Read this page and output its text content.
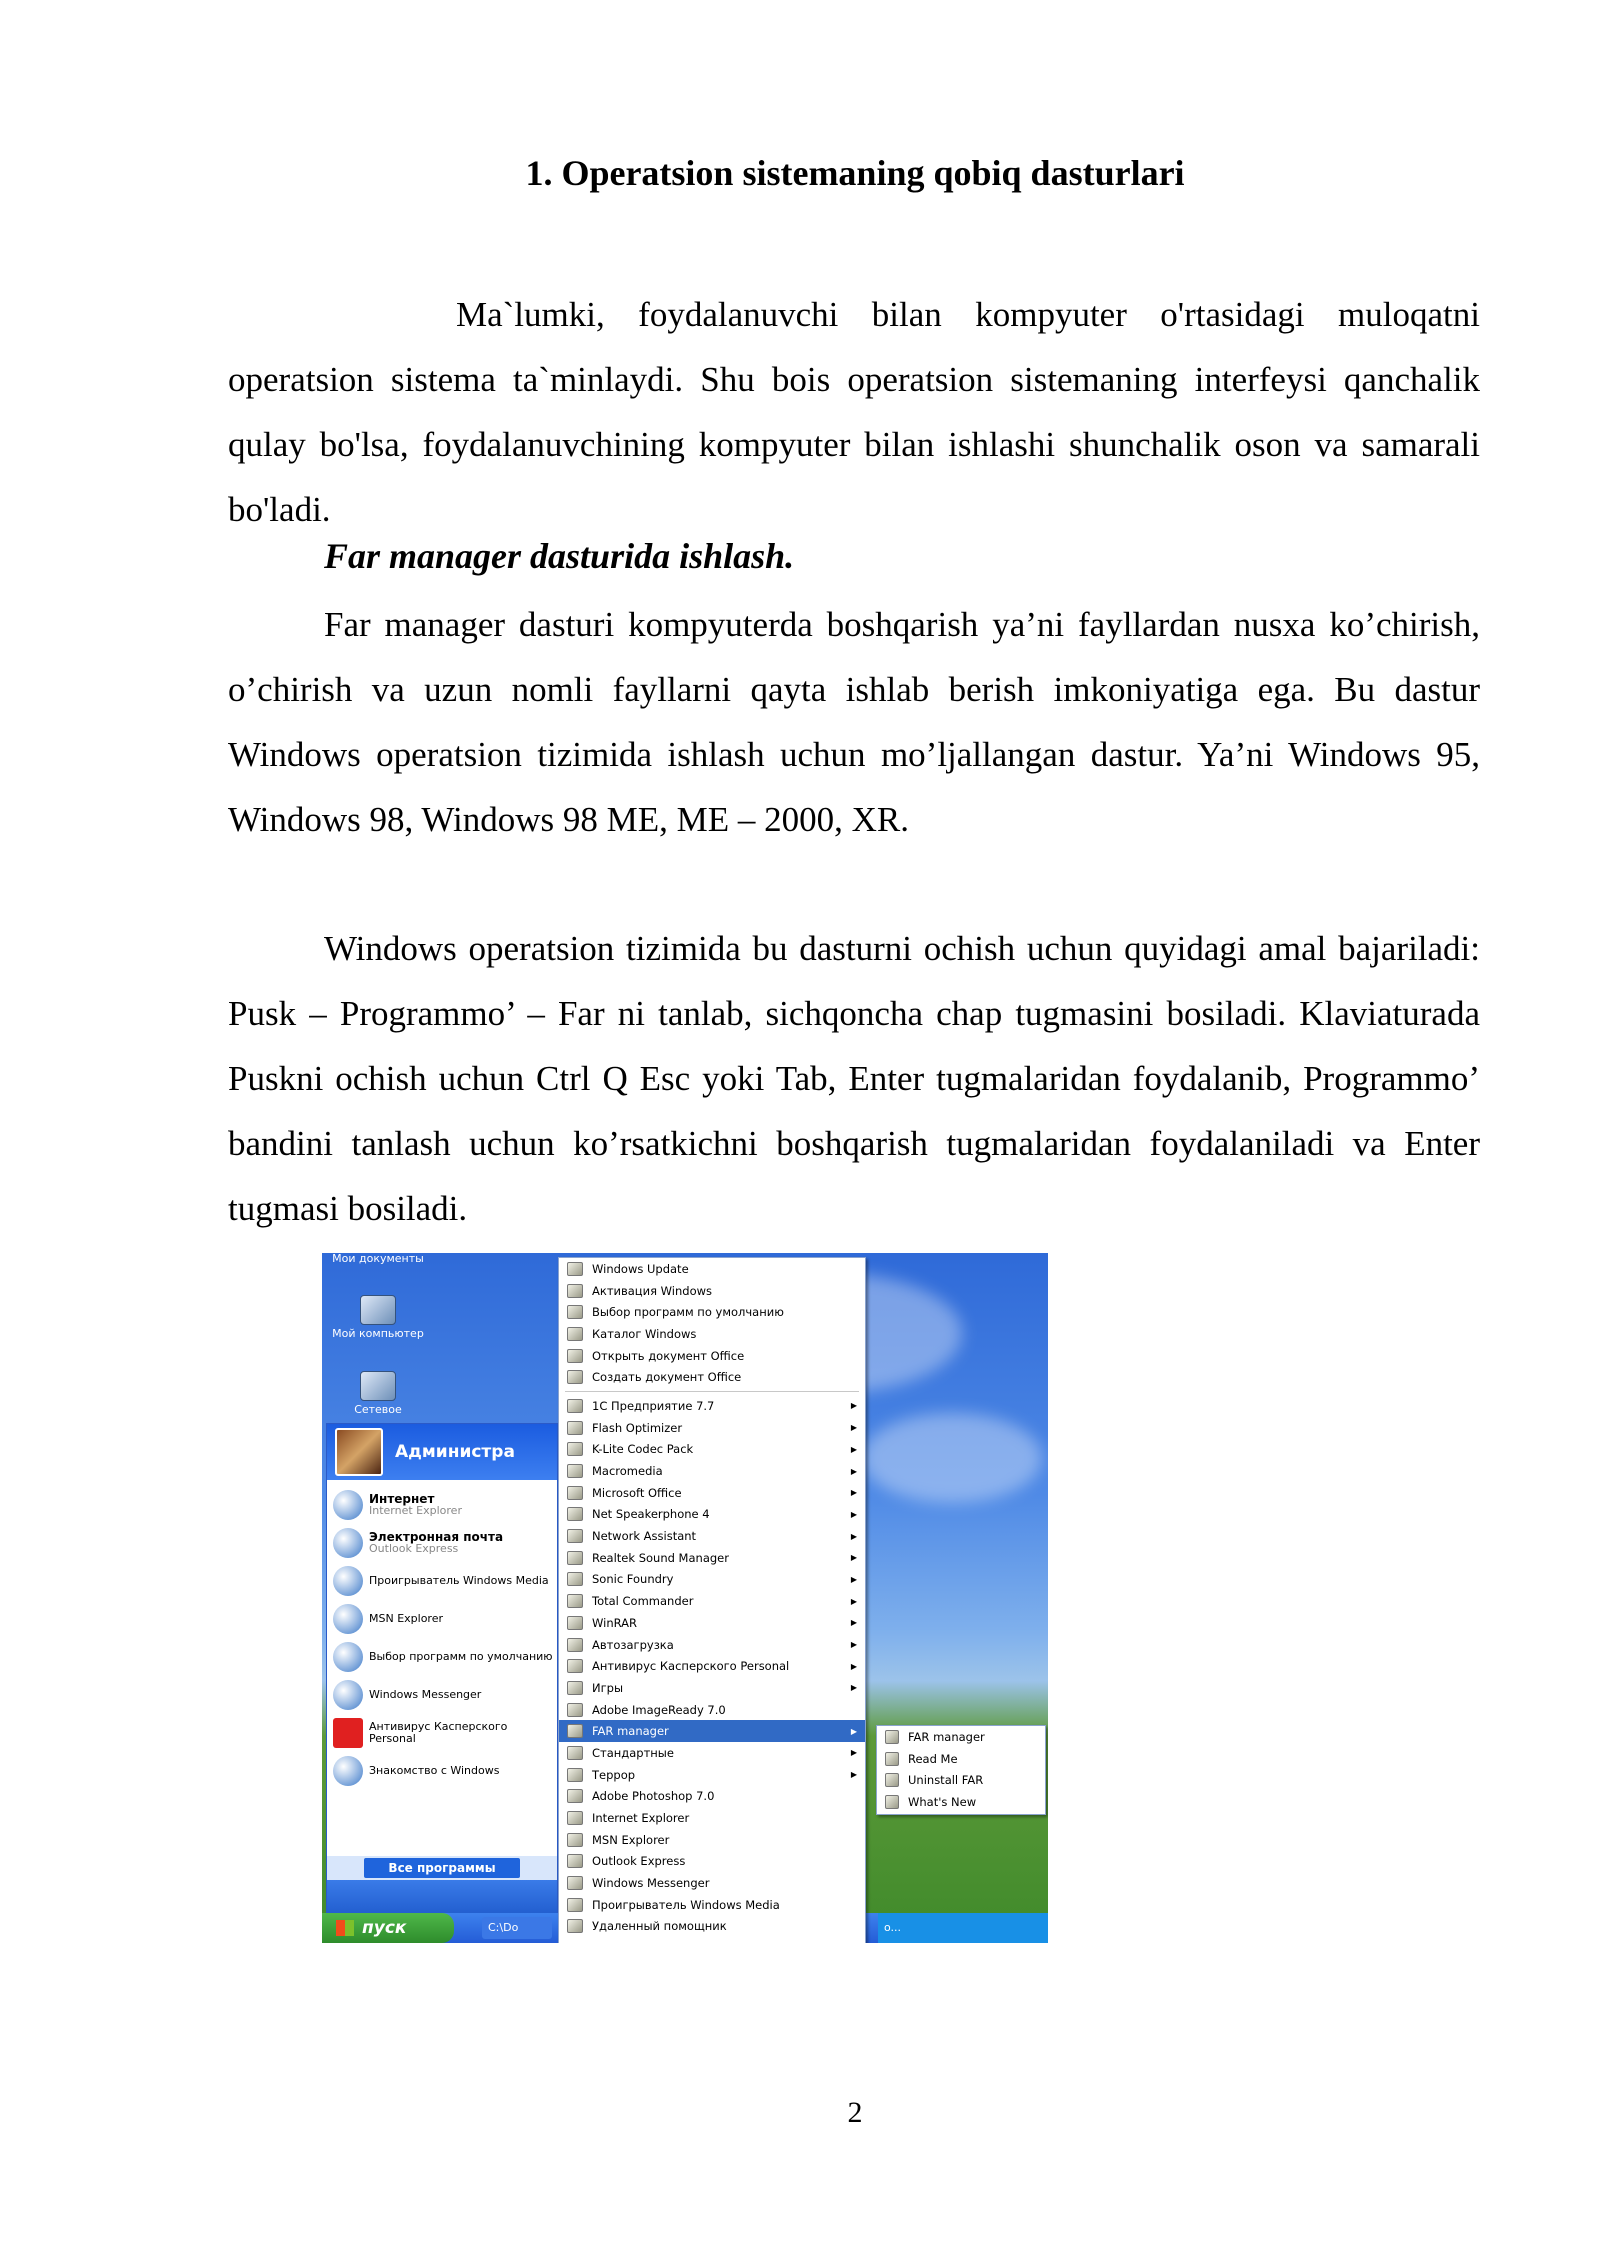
1. Operatsion sistemaning qobiq dasturlari

Ma`lumki, foydalanuvchi bilan kompyuter o'rtasidagi muloqatni operatsion sistema ta`minlaydi. Shu bois operatsion sistemaning interfeysi qanchalik qulay bo'lsa, foydalanuvchining kompyuter bilan ishlashi shunchalik oson va samarali bo'ladi.

Far manager dasturida ishlash.

Far manager dasturi kompyuterda boshqarish ya’ni fayllardan nusxa ko’chirish, o’chirish va uzun nomli fayllarni qayta ishlab berish imkoniyatiga ega. Bu dastur Windows operatsion tizimida ishlash uchun mo’ljallangan dastur. Ya’ni Windows 95, Windows 98, Windows 98 ME, ME – 2000, XR.

Windows operatsion tizimida bu dasturni ochish uchun quyidagi amal bajariladi: Pusk – Programmo’ – Far ni tanlab, sichqoncha chap tugmasini bosiladi. Klaviaturada Puskni ochish uchun Ctrl Q Esc yoki Tab, Enter tugmalaridan foydalanib, Programmo’ bandini tanlash uchun ko’rsatkichni boshqarish tugmalaridan foydalaniladi va Enter tugmasi bosiladi.

Мои документы
Мой компьютер
Сетевое
Администра
Интернет
Internet Explorer
Электронная почта
Outlook Express
Проигрыватель Windows Media
MSN Explorer
Выбор программ по умолчанию
Windows Messenger
Антивирус Касперского Personal
Знакомство с Windows
Все программы
пуск	C:\Do	o...
Windows Update
Активация Windows
Выбор программ по умолчанию
Каталог Windows
Открыть документ Office
Создать документ Office
1С Предприятие 7.7	▶
Flash Optimizer	▶
K-Lite Codec Pack	▶
Macromedia	▶
Microsoft Office	▶
Net Speakerphone 4	▶
Network Assistant	▶
Realtek Sound Manager	▶
Sonic Foundry	▶
Total Commander	▶
WinRAR	▶
Автозагрузка	▶
Антивирус Касперского Personal	▶
Игры	▶
Adobe ImageReady 7.0
FAR manager	▶
Стандартные	▶
Террор	▶
Adobe Photoshop 7.0
Internet Explorer
MSN Explorer
Outlook Express
Windows Messenger
Проигрыватель Windows Media
Удаленный помощник
FAR manager
Read Me
Uninstall FAR
What's New
2
